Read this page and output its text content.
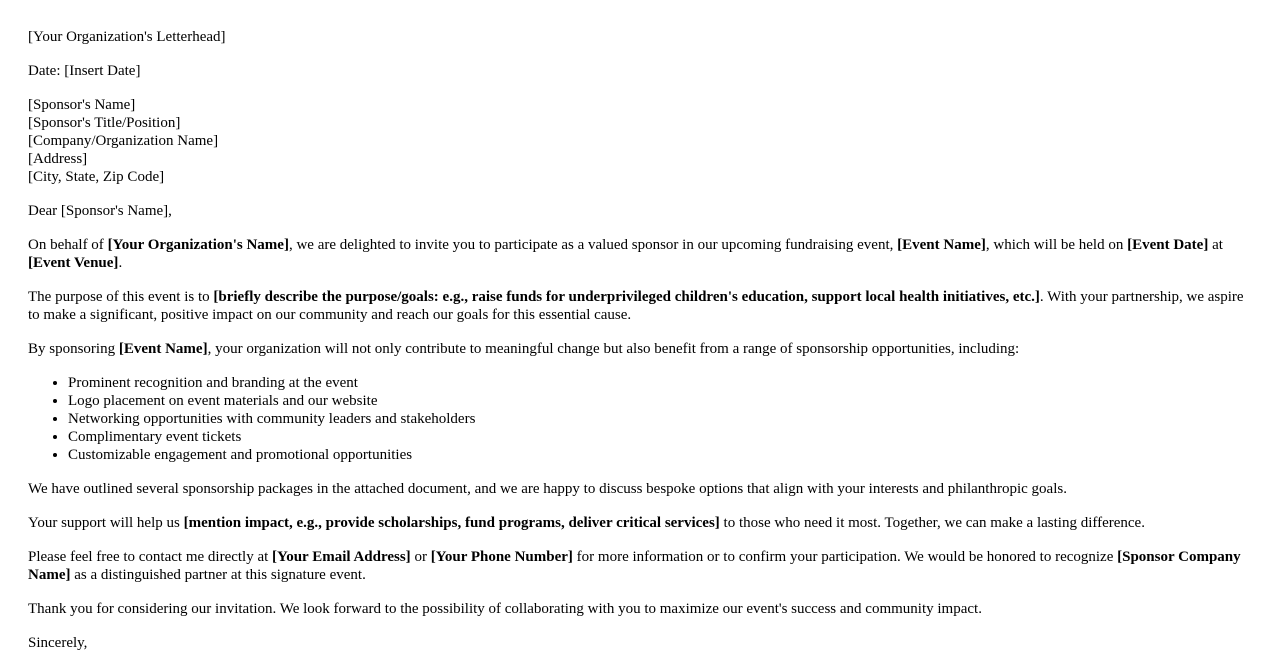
[Your Organization's Letterhead]

Date: [Insert Date]

[Sponsor's Name]
[Sponsor's Title/Position]
[Company/Organization Name]
[Address]
[City, State, Zip Code]

Dear [Sponsor's Name],

On behalf of [Your Organization's Name], we are delighted to invite you to participate as a valued sponsor in our upcoming fundraising event, [Event Name], which will be held on [Event Date] at [Event Venue].

The purpose of this event is to [briefly describe the purpose/goals: e.g., raise funds for underprivileged children's education, support local health initiatives, etc.]. With your partnership, we aspire to make a significant, positive impact on our community and reach our goals for this essential cause.

By sponsoring [Event Name], your organization will not only contribute to meaningful change but also benefit from a range of sponsorship opportunities, including:

• Prominent recognition and branding at the event
• Logo placement on event materials and our website
• Networking opportunities with community leaders and stakeholders
• Complimentary event tickets
• Customizable engagement and promotional opportunities

We have outlined several sponsorship packages in the attached document, and we are happy to discuss bespoke options that align with your interests and philanthropic goals.

Your support will help us [mention impact, e.g., provide scholarships, fund programs, deliver critical services] to those who need it most. Together, we can make a lasting difference.

Please feel free to contact me directly at [Your Email Address] or [Your Phone Number] for more information or to confirm your participation. We would be honored to recognize [Sponsor Company Name] as a distinguished partner at this signature event.

Thank you for considering our invitation. We look forward to the possibility of collaborating with you to maximize our event's success and community impact.

Sincerely,
